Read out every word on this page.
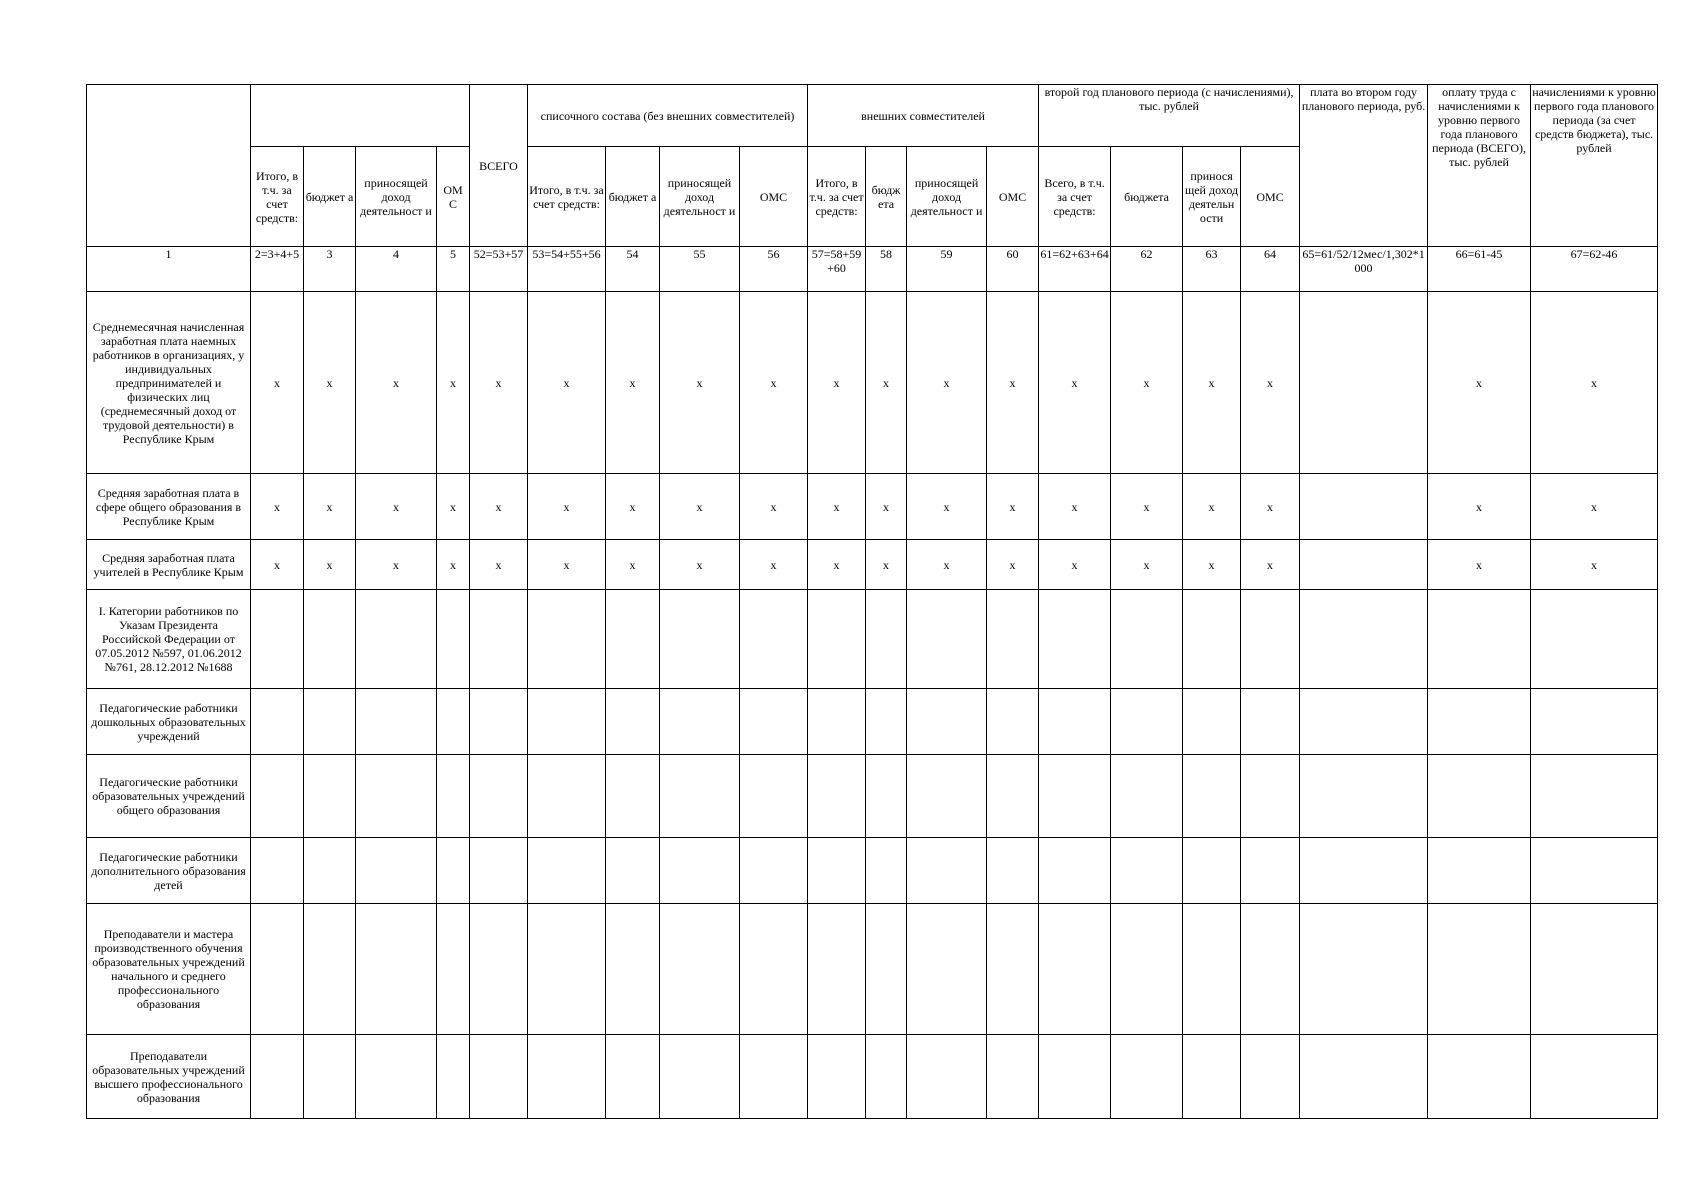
					ВСЕГО	списочного состава (без внешних совместителей)				внешних совместителей				второй год планового периода (с начислениями), тыс. рублей				плата во втором году планового периода, руб.	оплату труда с начислениями к уровню первого года планового периода (ВСЕГО), тыс. рублей	начислениями к уровню первого года планового периода (за счет средств бюджета), тыс. рублей
	Итого, в т.ч. за счет средств:	бюджет а	приносящей доход деятельност и	ОМ С		Итого, в т.ч. за счет средств:	бюджет а	приносящей доход деятельност и	ОМС	Итого, в т.ч. за счет средств:	бюдж ета	приносящей доход деятельност и	ОМС	Всего, в т.ч. за счет средств:	бюджета	принося щей доход деятельн ости	ОМС			
1	2=3+4+5	3	4	5	52=53+57	53=54+55+56	54	55	56	57=58+59+60	58	59	60	61=62+63+64	62	63	64	65=61/52/12мес/1,302*1000	66=61-45	67=62-46
Среднемесячная начисленная заработная плата наемных работников в организациях, у индивидуальных предпринимателей и физических лиц (среднемесячный доход от трудовой деятельности) в Республике Крым	x	x	x	x	x	x	x	x	x	x	x	x	x	x	x	x	x		x	x
Средняя заработная плата в сфере общего образования в Республике Крым	x	x	x	x	x	x	x	x	x	x	x	x	x	x	x	x	x		x	x
Средняя заработная плата учителей в Республике Крым	x	x	x	x	x	x	x	x	x	x	x	x	x	x	x	x	x		x	x
I. Категории работников по Указам Президента Российской Федерации от 07.05.2012 №597, 01.06.2012 №761, 28.12.2012 №1688																				
Педагогические работники дошкольных образовательных учреждений																				
Педагогические работники образовательных учреждений общего образования																				
Педагогические работники дополнительного образования детей																				
Преподаватели и мастера производственного обучения образовательных учреждений начального и среднего профессионального образования																				
Преподаватели образовательных учреждений высшего профессионального образования																				
